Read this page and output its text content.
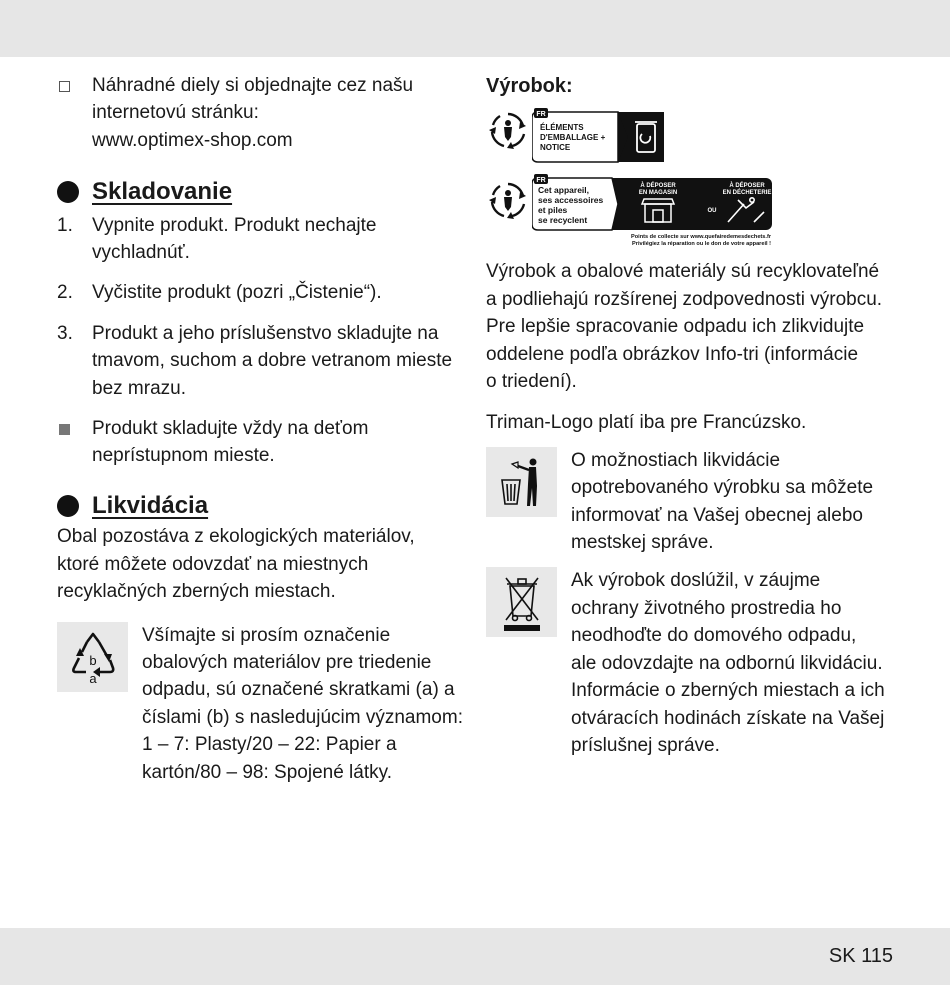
Náhradné diely si objednajte cez našu
internetovú stránku:
www.optimex-shop.com
Skladovanie
1.	Vypnite produkt. Produkt nechajte
vychladnúť.
2.	Vyčistite produkt (pozri „Čistenie“).
3.	Produkt a jeho príslušenstvo skladujte na
tmavom, suchom a dobre vetranom mieste
bez mrazu.
Produkt skladujte vždy na deťom
neprístupnom mieste.
Likvidácia
Obal pozostáva z ekologických materiálov,
ktoré môžete odovzdať na miestnych
recyklačných zberných miestach.
b
a
Všímajte si prosím označenie
obalových materiálov pre triedenie
odpadu, sú označené skratkami (a) a
číslami (b) s nasledujúcim významom:
1 – 7: Plasty/20 – 22: Papier a
kartón/80 – 98: Spojené látky.
Výrobok:
FR
ÉLÉMENTS
D'EMBALLAGE +
NOTICE
FR
Cet appareil,
ses accessoires
et piles
se recyclent
À DÉPOSER
EN MAGASIN
OU
À DÉPOSER
EN DÉCHETERIE
Points de collecte sur www.quefairedemesdechets.fr
Privilégiez la réparation ou le don de votre appareil !
Výrobok a obalové materiály sú recyklovateľné
a podliehajú rozšírenej zodpovednosti výrobcu.
Pre lepšie spracovanie odpadu ich zlikvidujte
oddelene podľa obrázkov Info-tri (informácie
o triedení).
Triman-Logo platí iba pre Francúzsko.
O možnostiach likvidácie
opotrebovaného výrobku sa môžete
informovať na Vašej obecnej alebo
mestskej správe.
Ak výrobok doslúžil, v záujme
ochrany životného prostredia ho
neodhoďte do domového odpadu,
ale odovzdajte na odbornú likvidáciu.
Informácie o zberných miestach a ich
otváracích hodinách získate na Vašej
príslušnej správe.
SK 115
